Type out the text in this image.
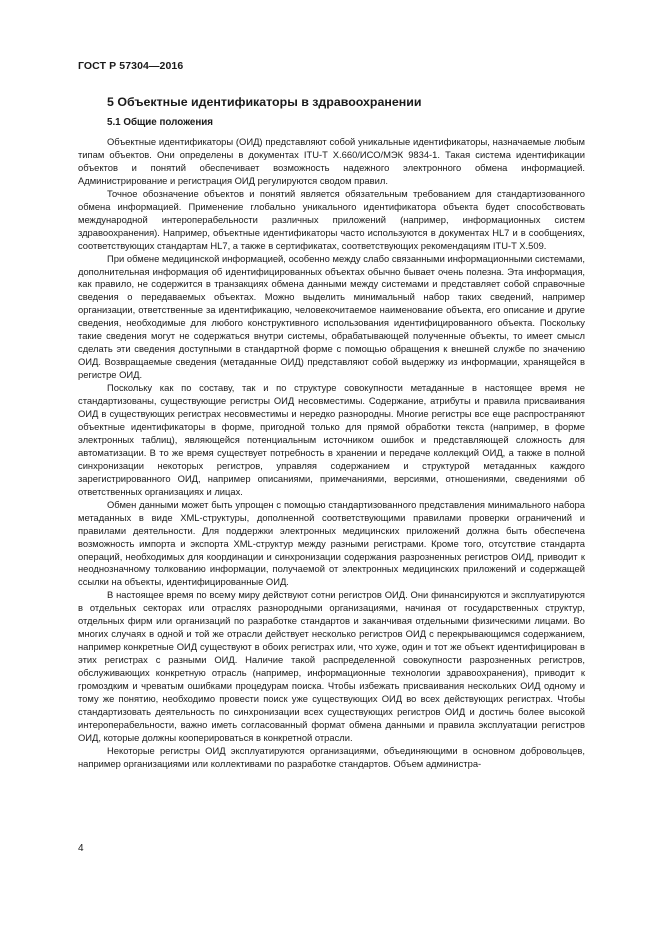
ГОСТ Р 57304—2016
5 Объектные идентификаторы в здравоохранении
5.1 Общие положения

Объектные идентификаторы (ОИД) представляют собой уникальные идентификаторы, назначаемые любым типам объектов. Они определены в документах ITU-T X.660/ИСО/МЭК 9834-1. Такая система идентификации объектов и понятий обеспечивает возможность надежного электронного обмена информацией. Администрирование и регистрация ОИД регулируются сводом правил.

Точное обозначение объектов и понятий является обязательным требованием для стандартизованного обмена информацией. Применение глобально уникального идентификатора объекта будет способствовать международной интероперабельности различных приложений (например, информационных систем здравоохранения). Например, объектные идентификаторы часто используются в документах HL7 и в сообщениях, соответствующих стандартам HL7, а также в сертификатах, соответствующих рекомендациям ITU-T X.509.

При обмене медицинской информацией, особенно между слабо связанными информационными системами, дополнительная информация об идентифицированных объектах обычно бывает очень полезна. Эта информация, как правило, не содержится в транзакциях обмена данными между системами и представляет собой справочные сведения о передаваемых объектах. Можно выделить минимальный набор таких сведений, например организации, ответственные за идентификацию, человекочитаемое наименование объекта, его описание и другие сведения, необходимые для любого конструктивного использования идентифицированного объекта. Поскольку такие сведения могут не содержаться внутри системы, обрабатывающей полученные объекты, то имеет смысл сделать эти сведения доступными в стандартной форме с помощью обращения к внешней службе по значению ОИД. Возвращаемые сведения (метаданные ОИД) представляют собой выдержку из информации, хранящейся в регистре ОИД.

Поскольку как по составу, так и по структуре совокупности метаданные в настоящее время не стандартизованы, существующие регистры ОИД несовместимы. Содержание, атрибуты и правила присваивания ОИД в существующих регистрах несовместимы и нередко разнородны. Многие регистры все еще распространяют объектные идентификаторы в форме, пригодной только для прямой обработки текста (например, в форме электронных таблиц), являющейся потенциальным источником ошибок и представляющей сложность для автоматизации. В то же время существует потребность в хранении и передаче коллекций ОИД, а также в полной синхронизации некоторых регистров, управляя содержанием и структурой метаданных каждого зарегистрированного ОИД, например описаниями, примечаниями, версиями, отношениями, сведениями об ответственных организациях и лицах.

Обмен данными может быть упрощен с помощью стандартизованного представления минимального набора метаданных в виде XML-структуры, дополненной соответствующими правилами проверки ограничений и правилами деятельности. Для поддержки электронных медицинских приложений должна быть обеспечена возможность импорта и экспорта XML-структур между разными регистрами. Кроме того, отсутствие стандарта операций, необходимых для координации и синхронизации содержания разрозненных регистров ОИД, приводит к неоднозначному толкованию информации, получаемой от электронных медицинских приложений и содержащей ссылки на объекты, идентифицированные ОИД.

В настоящее время по всему миру действуют сотни регистров ОИД. Они финансируются и эксплуатируются в отдельных секторах или отраслях разнородными организациями, начиная от государственных структур, отдельных фирм или организаций по разработке стандартов и заканчивая отдельными физическими лицами. Во многих случаях в одной и той же отрасли действует несколько регистров ОИД с перекрывающимся содержанием, например конкретные ОИД существуют в обоих регистрах или, что хуже, один и тот же объект идентифицирован в этих регистрах с разными ОИД. Наличие такой распределенной совокупности разрозненных регистров, обслуживающих конкретную отрасль (например, информационные технологии здравоохранения), приводит к громоздким и чреватым ошибками процедурам поиска. Чтобы избежать присваивания нескольких ОИД одному и тому же понятию, необходимо провести поиск уже существующих ОИД во всех действующих регистрах. Чтобы стандартизовать деятельность по синхронизации всех существующих регистров ОИД и достичь более высокой интероперабельности, важно иметь согласованный формат обмена данными и правила эксплуатации регистров ОИД, которые должны кооперироваться в конкретной отрасли.

Некоторые регистры ОИД эксплуатируются организациями, объединяющими в основном добровольцев, например организациями или коллективами по разработке стандартов. Объем администра-

4
